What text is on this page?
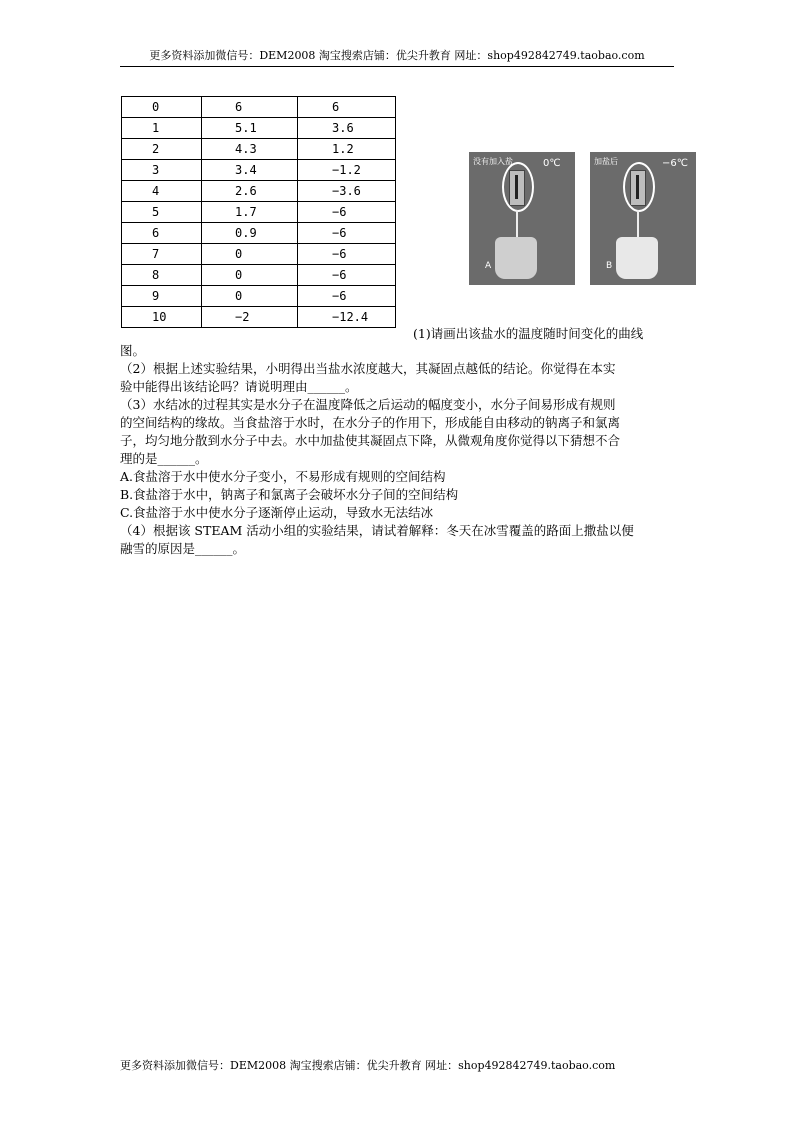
更多资料添加微信号：DEM2008 淘宝搜索店铺：优尖升教育 网址：shop492842749.taobao.com
0	6	6
1	5.1	3.6
2	4.3	1.2
3	3.4	−1.2
4	2.6	−3.6
5	1.7	−6
6	0.9	−6
7	0	−6
8	0	−6
9	0	−6
10	−2	−12.4
没有加入盐	0℃
A
加盐后	−6℃
B
(1)请画出该盐水的温度随时间变化的曲线
图。
（2）根据上述实验结果，小明得出当盐水浓度越大，其凝固点越低的结论。你觉得在本实
验中能得出该结论吗？请说明理由______。
（3）水结冰的过程其实是水分子在温度降低之后运动的幅度变小，水分子间易形成有规则
的空间结构的缘故。当食盐溶于水时，在水分子的作用下，形成能自由移动的钠离子和氯离
子，均匀地分散到水分子中去。水中加盐使其凝固点下降，从微观角度你觉得以下猜想不合
理的是______。
A.食盐溶于水中使水分子变小，不易形成有规则的空间结构
B.食盐溶于水中，钠离子和氯离子会破坏水分子间的空间结构
C.食盐溶于水中使水分子逐渐停止运动，导致水无法结冰
（4）根据该 STEAM 活动小组的实验结果，请试着解释：冬天在冰雪覆盖的路面上撒盐以便
融雪的原因是______。
更多资料添加微信号：DEM2008 淘宝搜索店铺：优尖升教育 网址：shop492842749.taobao.com
